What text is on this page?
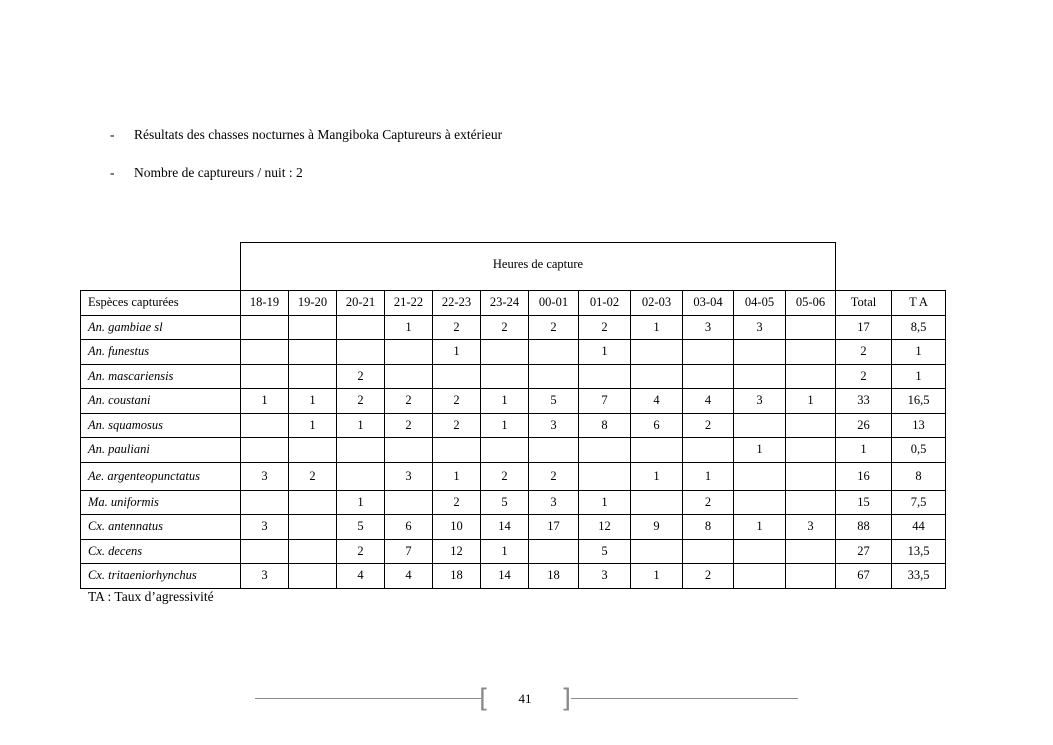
- Résultats des chasses nocturnes à Mangiboka Captureurs à extérieur
- Nombre de captureurs / nuit : 2
Heures de capture
Espèces capturées	18-19	19-20	20-21	21-22	22-23	23-24	00-01	01-02	02-03	03-04	04-05	05-06	Total	T A
An. gambiae sl				1	2	2	2	2	1	3	3		17	8,5
An. funestus					1			1					2	1
An. mascariensis			2										2	1
An. coustani	1	1	2	2	2	1	5	7	4	4	3	1	33	16,5
An. squamosus		1	1	2	2	1	3	8	6	2			26	13
An. pauliani											1		1	0,5
Ae. argenteopunctatus	3	2		3	1	2	2		1	1			16	8
Ma. uniformis			1		2	5	3	1		2			15	7,5
Cx. antennatus	3		5	6	10	14	17	12	9	8	1	3	88	44
Cx. decens			2	7	12	1		5					27	13,5
Cx. tritaeniorhynchus	3		4	4	18	14	18	3	1	2			67	33,5
TA : Taux d’agressivité
[	41	]
